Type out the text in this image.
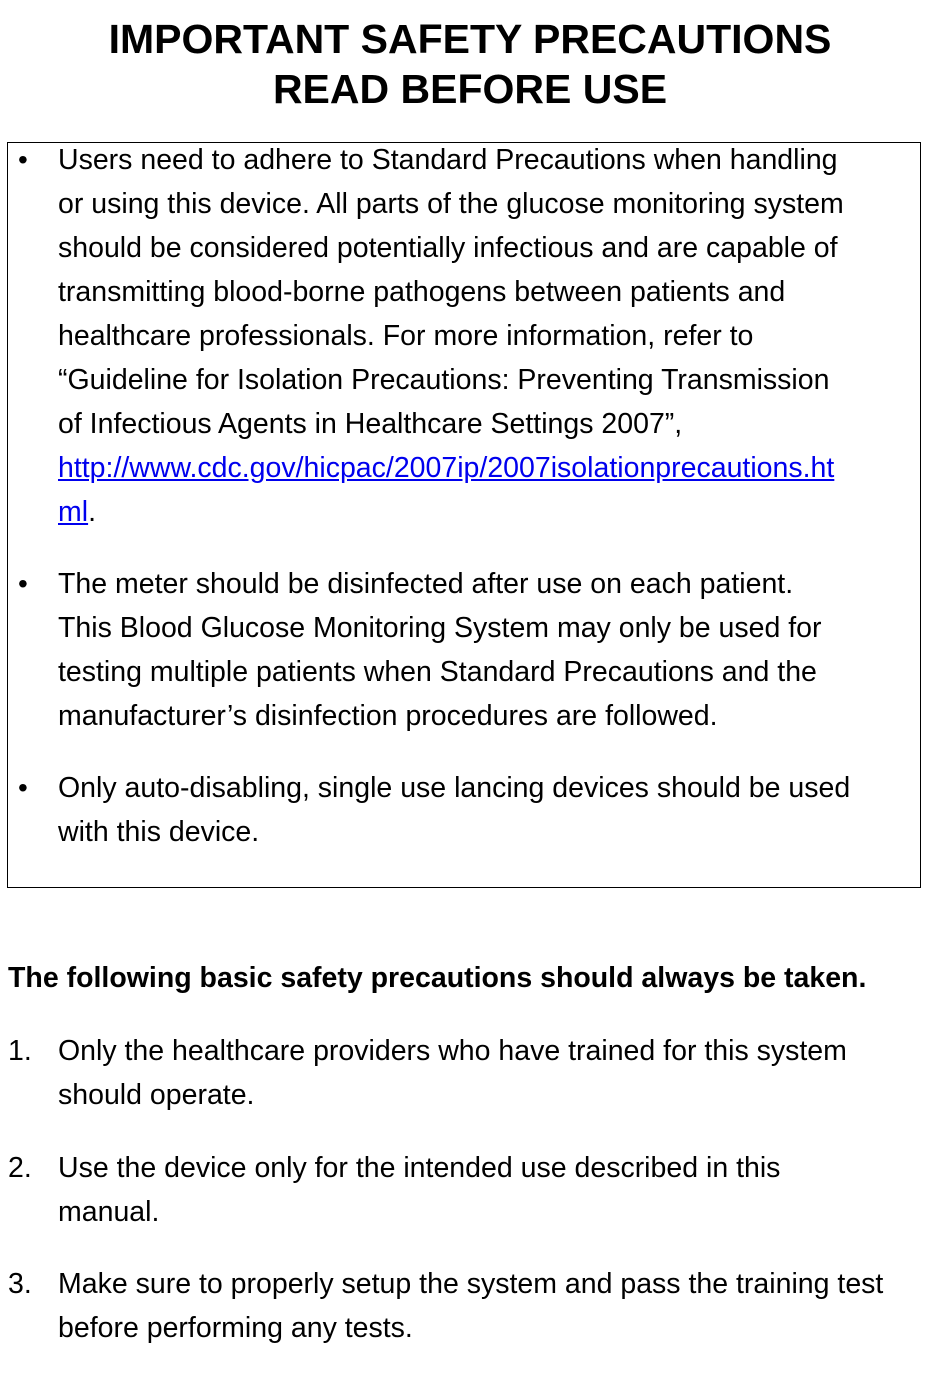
IMPORTANT SAFETY PRECAUTIONS
READ BEFORE USE
• Users need to adhere to Standard Precautions when handling
or using this device. All parts of the glucose monitoring system
should be considered potentially infectious and are capable of
transmitting blood-borne pathogens between patients and
healthcare professionals. For more information, refer to
“Guideline for Isolation Precautions: Preventing Transmission
of Infectious Agents in Healthcare Settings 2007”,
http://www.cdc.gov/hicpac/2007ip/2007isolationprecautions.ht
ml.
• The meter should be disinfected after use on each patient.
This Blood Glucose Monitoring System may only be used for
testing multiple patients when Standard Precautions and the
manufacturer’s disinfection procedures are followed.
• Only auto-disabling, single use lancing devices should be used
with this device.
The following basic safety precautions should always be taken.
1. Only the healthcare providers who have trained for this system
should operate.
2. Use the device only for the intended use described in this
manual.
3. Make sure to properly setup the system and pass the training test
before performing any tests.
